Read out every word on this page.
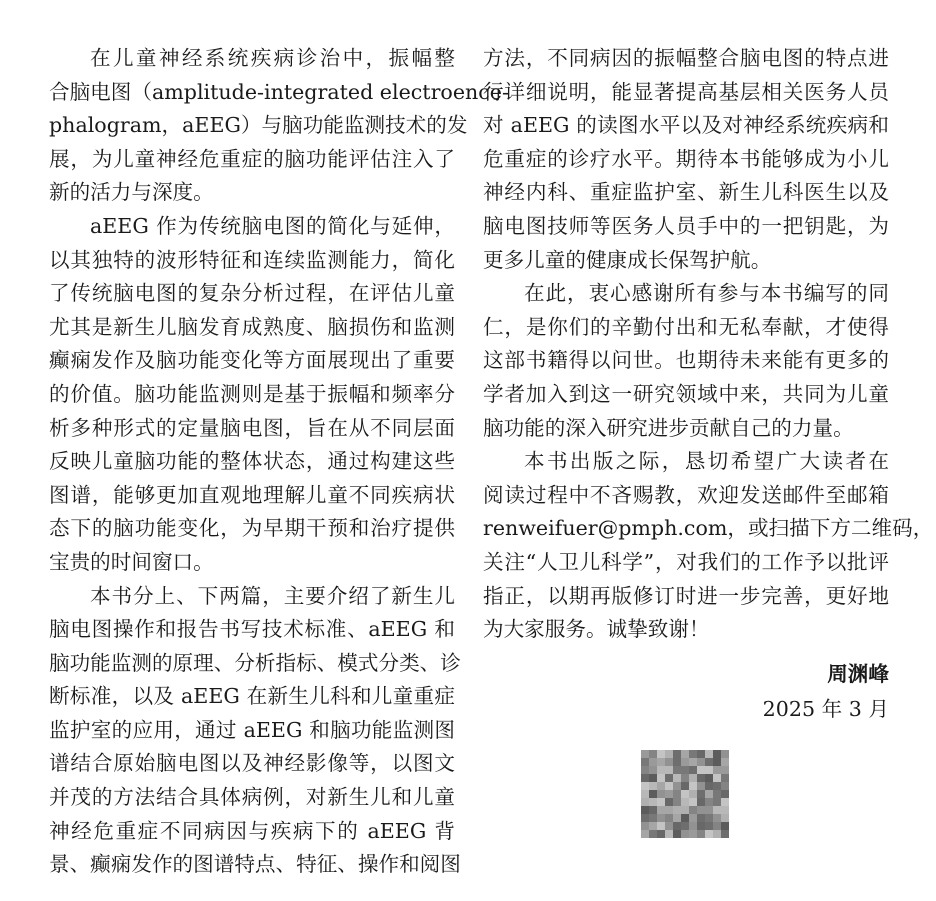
在儿童神经系统疾病诊治中，振幅整
合脑电图（amplitude-integrated electroence-
phalogram，aEEG）与脑功能监测技术的发
展，为儿童神经危重症的脑功能评估注入了
新的活力与深度。
aEEG 作为传统脑电图的简化与延伸，
以其独特的波形特征和连续监测能力，简化
了传统脑电图的复杂分析过程，在评估儿童
尤其是新生儿脑发育成熟度、脑损伤和监测
癫痫发作及脑功能变化等方面展现出了重要
的价值。脑功能监测则是基于振幅和频率分
析多种形式的定量脑电图，旨在从不同层面
反映儿童脑功能的整体状态，通过构建这些
图谱，能够更加直观地理解儿童不同疾病状
态下的脑功能变化，为早期干预和治疗提供
宝贵的时间窗口。
本书分上、下两篇，主要介绍了新生儿
脑电图操作和报告书写技术标准、aEEG 和
脑功能监测的原理、分析指标、模式分类、诊
断标准，以及 aEEG 在新生儿科和儿童重症
监护室的应用，通过 aEEG 和脑功能监测图
谱结合原始脑电图以及神经影像等，以图文
并茂的方法结合具体病例，对新生儿和儿童
神经危重症不同病因与疾病下的 aEEG 背
景、癫痫发作的图谱特点、特征、操作和阅图
方法，不同病因的振幅整合脑电图的特点进
行详细说明，能显著提高基层相关医务人员
对 aEEG 的读图水平以及对神经系统疾病和
危重症的诊疗水平。期待本书能够成为小儿
神经内科、重症监护室、新生儿科医生以及
脑电图技师等医务人员手中的一把钥匙，为
更多儿童的健康成长保驾护航。
在此，衷心感谢所有参与本书编写的同
仁，是你们的辛勤付出和无私奉献，才使得
这部书籍得以问世。也期待未来能有更多的
学者加入到这一研究领域中来，共同为儿童
脑功能的深入研究进步贡献自己的力量。
本书出版之际，恳切希望广大读者在
阅读过程中不吝赐教，欢迎发送邮件至邮箱
renweifuer@pmph.com，或扫描下方二维码，
关注“人卫儿科学”，对我们的工作予以批评
指正，以期再版修订时进一步完善，更好地
为大家服务。诚挚致谢！
周渊峰
2025 年 3 月
